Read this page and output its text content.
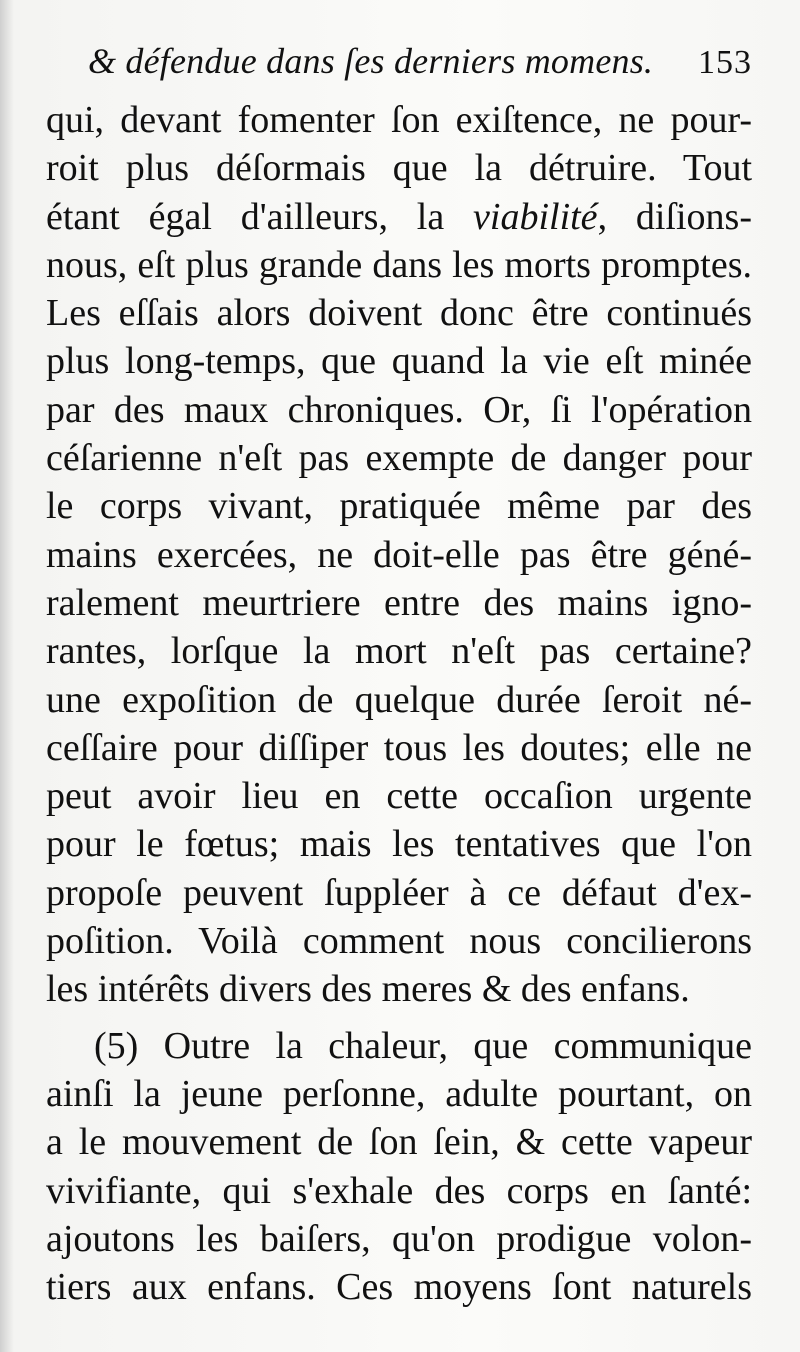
& défendue dans ſes derniers momens. 153
qui, devant fomenter ſon exiſtence, ne pour-
roit plus déſormais que la détruire. Tout
étant égal d'ailleurs, la viabilité, diſions-
nous, eſt plus grande dans les morts promptes.
Les eſſais alors doivent donc être continués
plus long-temps, que quand la vie eſt minée
par des maux chroniques. Or, ſi l'opération
céſarienne n'eſt pas exempte de danger pour
le corps vivant, pratiquée même par des
mains exercées, ne doit-elle pas être géné-
ralement meurtriere entre des mains igno-
rantes, lorſque la mort n'eſt pas certaine?
une expoſition de quelque durée ſeroit né-
ceſſaire pour diſſiper tous les doutes; elle ne
peut avoir lieu en cette occaſion urgente
pour le fœtus; mais les tentatives que l'on
propoſe peuvent ſuppléer à ce défaut d'ex-
poſition. Voilà comment nous concilierons
les intérêts divers des meres & des enfans.
(5) Outre la chaleur, que communique
ainſi la jeune perſonne, adulte pourtant, on
a le mouvement de ſon ſein, & cette vapeur
vivifiante, qui s'exhale des corps en ſanté:
ajoutons les baiſers, qu'on prodigue volon-
tiers aux enfans. Ces moyens ſont naturels
